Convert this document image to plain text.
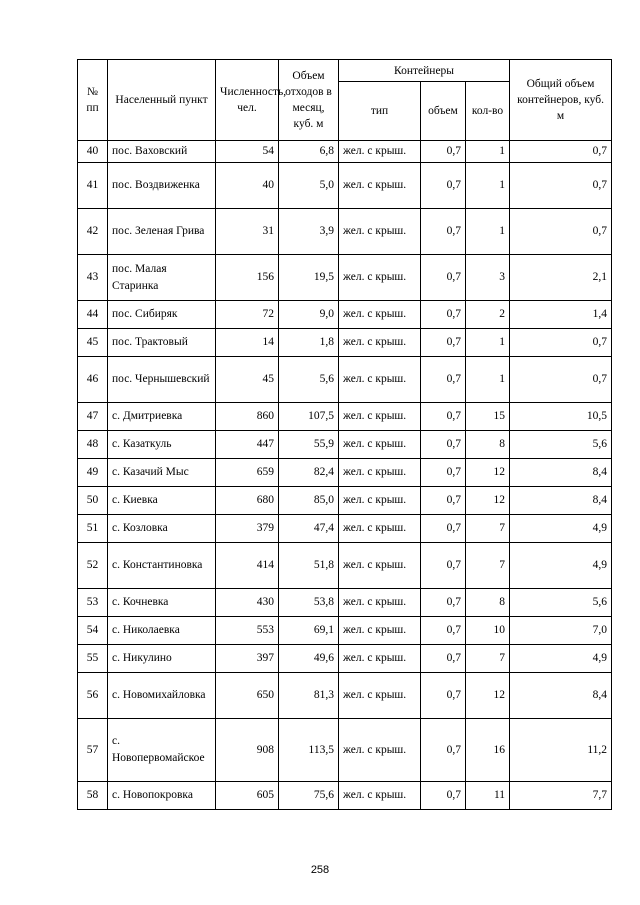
№ пп	Населенный пункт	Численность, чел.	Объем отходов в месяц, куб. м	Контейнеры			Общий объем контейнеров, куб. м
				тип	объем	кол-во	
40	пос. Ваховский	54	6,8	жел. с крыш.	0,7	1	0,7
41	пос. Воздвиженка	40	5,0	жел. с крыш.	0,7	1	0,7
42	пос. Зеленая Грива	31	3,9	жел. с крыш.	0,7	1	0,7
43	пос. Малая Старинка	156	19,5	жел. с крыш.	0,7	3	2,1
44	пос. Сибиряк	72	9,0	жел. с крыш.	0,7	2	1,4
45	пос. Трактовый	14	1,8	жел. с крыш.	0,7	1	0,7
46	пос. Чернышевский	45	5,6	жел. с крыш.	0,7	1	0,7
47	с. Дмитриевка	860	107,5	жел. с крыш.	0,7	15	10,5
48	с. Казаткуль	447	55,9	жел. с крыш.	0,7	8	5,6
49	с. Казачий Мыс	659	82,4	жел. с крыш.	0,7	12	8,4
50	с. Киевка	680	85,0	жел. с крыш.	0,7	12	8,4
51	с. Козловка	379	47,4	жел. с крыш.	0,7	7	4,9
52	с. Константиновка	414	51,8	жел. с крыш.	0,7	7	4,9
53	с. Кочневка	430	53,8	жел. с крыш.	0,7	8	5,6
54	с. Николаевка	553	69,1	жел. с крыш.	0,7	10	7,0
55	с. Никулино	397	49,6	жел. с крыш.	0,7	7	4,9
56	с. Новомихайловка	650	81,3	жел. с крыш.	0,7	12	8,4
57	с. Новопервомайское	908	113,5	жел. с крыш.	0,7	16	11,2
58	с. Новопокровка	605	75,6	жел. с крыш.	0,7	11	7,7
258
